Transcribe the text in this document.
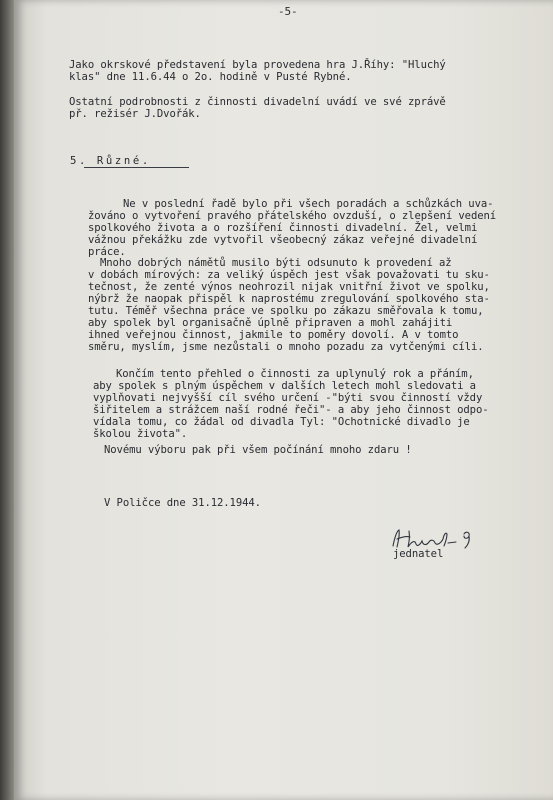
-5-
Jako okrskové představení byla provedena hra J.Říhy: "Hluchý
klas" dne 11.6.44 o 2o. hodině v Pusté Rybné.
Ostatní podrobnosti z činnosti divadelní uvádí ve své zprávě
př. režisér J.Dvořák.
5. Různé.
Ne v poslední řadě bylo při všech poradách a schůzkách uva-
žováno o vytvoření pravého přátelského ovzduší, o zlepšení vedení
spolkového života a o rozšíření činnosti divadelní. Žel, velmi
vážnou překážku zde vytvořil všeobecný zákaz veřejné divadelní
práce.
Mnoho dobrých námětů musilo býti odsunuto k provedení až
v dobách mírových: za veliký úspěch jest však považovati tu sku-
tečnost, že zenté výnos neohrozil nijak vnitřní život ve spolku,
nýbrž že naopak přispěl k naprostému zregulování spolkového sta-
tutu. Téměř všechna práce ve spolku po zákazu směřovala k tomu,
aby spolek byl organisačně úplně připraven a mohl zahájiti
ihned veřejnou činnost, jakmile to poměry dovolí. A v tomto
směru, myslím, jsme nezůstali o mnoho pozadu za vytčenými cíli.
Končím tento přehled o činnosti za uplynulý rok a přáním,
aby spolek s plným úspěchem v dalších letech mohl sledovati a
vyplňovati nejvyšší cíl svého určení -"býti svou činností vždy
šiřitelem a strážcem naší rodné řeči"- a aby jeho činnost odpo-
vídala tomu, co žádal od divadla Tyl: "Ochotnické divadlo je
školou života".
Novému výboru pak při všem počínání mnoho zdaru !
V Poličce dne 31.12.1944.
jednatel
